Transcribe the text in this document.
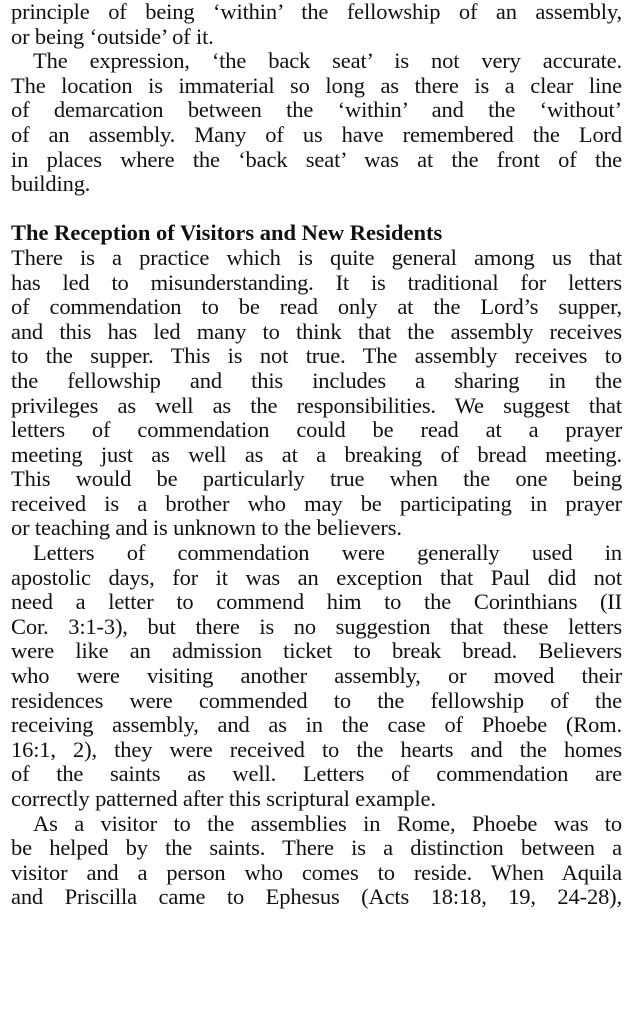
principle of being ‘within’ the fellowship of an assembly,
or being ‘outside’ of it.
The expression, ‘the back seat’ is not very accurate.
The location is immaterial so long as there is a clear line
of demarcation between the ‘within’ and the ‘without’
of an assembly. Many of us have remembered the Lord
in places where the ‘back seat’ was at the front of the
building.
The Reception of Visitors and New Residents
There is a practice which is quite general among us that
has led to misunderstanding. It is traditional for letters
of commendation to be read only at the Lord’s supper,
and this has led many to think that the assembly receives
to the supper. This is not true. The assembly receives to
the fellowship and this includes a sharing in the
privileges as well as the responsibilities. We suggest that
letters of commendation could be read at a prayer
meeting just as well as at a breaking of bread meeting.
This would be particularly true when the one being
received is a brother who may be participating in prayer
or teaching and is unknown to the believers.
Letters of commendation were generally used in
apostolic days, for it was an exception that Paul did not
need a letter to commend him to the Corinthians (II
Cor. 3:1-3), but there is no suggestion that these letters
were like an admission ticket to break bread. Believers
who were visiting another assembly, or moved their
residences were commended to the fellowship of the
receiving assembly, and as in the case of Phoebe (Rom.
16:1, 2), they were received to the hearts and the homes
of the saints as well. Letters of commendation are
correctly patterned after this scriptural example.
As a visitor to the assemblies in Rome, Phoebe was to
be helped by the saints. There is a distinction between a
visitor and a person who comes to reside. When Aquila
and Priscilla came to Ephesus (Acts 18:18, 19, 24-28),
